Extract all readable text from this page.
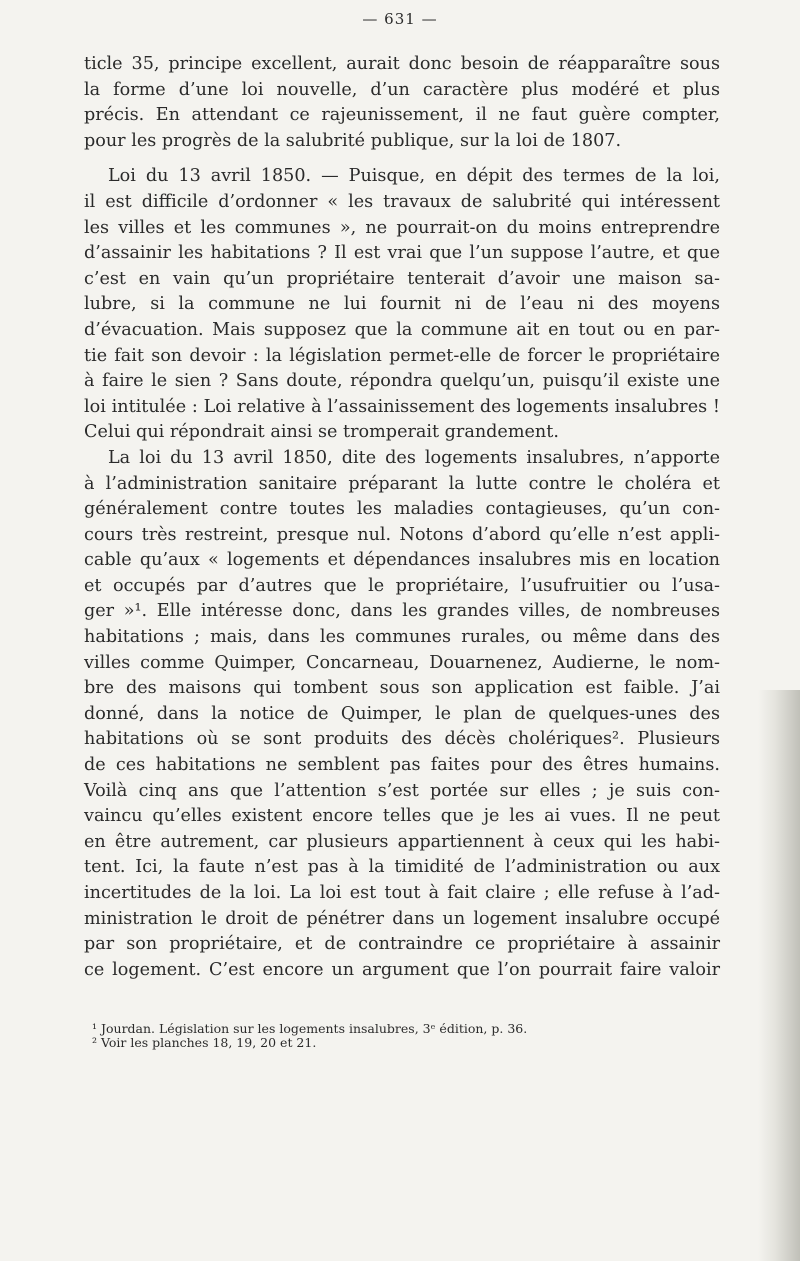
— 631 —

ticle 35, principe excellent, aurait donc besoin de réapparaître sous
la forme d’une loi nouvelle, d’un caractère plus modéré et plus
précis. En attendant ce rajeunissement, il ne faut guère compter,
pour les progrès de la salubrité publique, sur la loi de 1807.

Loi du 13 avril 1850. — Puisque, en dépit des termes de la loi,
il est difficile d’ordonner « les travaux de salubrité qui intéressent
les villes et les communes », ne pourrait-on du moins entreprendre
d’assainir les habitations ? Il est vrai que l’un suppose l’autre, et que
c’est en vain qu’un propriétaire tenterait d’avoir une maison sa-
lubre, si la commune ne lui fournit ni de l’eau ni des moyens
d’évacuation. Mais supposez que la commune ait en tout ou en par-
tie fait son devoir : la législation permet-elle de forcer le propriétaire
à faire le sien ? Sans doute, répondra quelqu’un, puisqu’il existe une
loi intitulée : Loi relative à l’assainissement des logements insalubres !
Celui qui répondrait ainsi se tromperait grandement.

La loi du 13 avril 1850, dite des logements insalubres, n’apporte
à l’administration sanitaire préparant la lutte contre le choléra et
généralement contre toutes les maladies contagieuses, qu’un con-
cours très restreint, presque nul. Notons d’abord qu’elle n’est appli-
cable qu’aux « logements et dépendances insalubres mis en location
et occupés par d’autres que le propriétaire, l’usufruitier ou l’usa-
ger »¹. Elle intéresse donc, dans les grandes villes, de nombreuses
habitations ; mais, dans les communes rurales, ou même dans des
villes comme Quimper, Concarneau, Douarnenez, Audierne, le nom-
bre des maisons qui tombent sous son application est faible. J’ai
donné, dans la notice de Quimper, le plan de quelques-unes des
habitations où se sont produits des décès cholériques². Plusieurs
de ces habitations ne semblent pas faites pour des êtres humains.
Voilà cinq ans que l’attention s’est portée sur elles ; je suis con-
vaincu qu’elles existent encore telles que je les ai vues. Il ne peut
en être autrement, car plusieurs appartiennent à ceux qui les habi-
tent. Ici, la faute n’est pas à la timidité de l’administration ou aux
incertitudes de la loi. La loi est tout à fait claire ; elle refuse à l’ad-
ministration le droit de pénétrer dans un logement insalubre occupé
par son propriétaire, et de contraindre ce propriétaire à assainir
ce logement. C’est encore un argument que l’on pourrait faire valoir

¹ Jourdan. Législation sur les logements insalubres, 3ᵉ édition, p. 36.
² Voir les planches 18, 19, 20 et 21.
